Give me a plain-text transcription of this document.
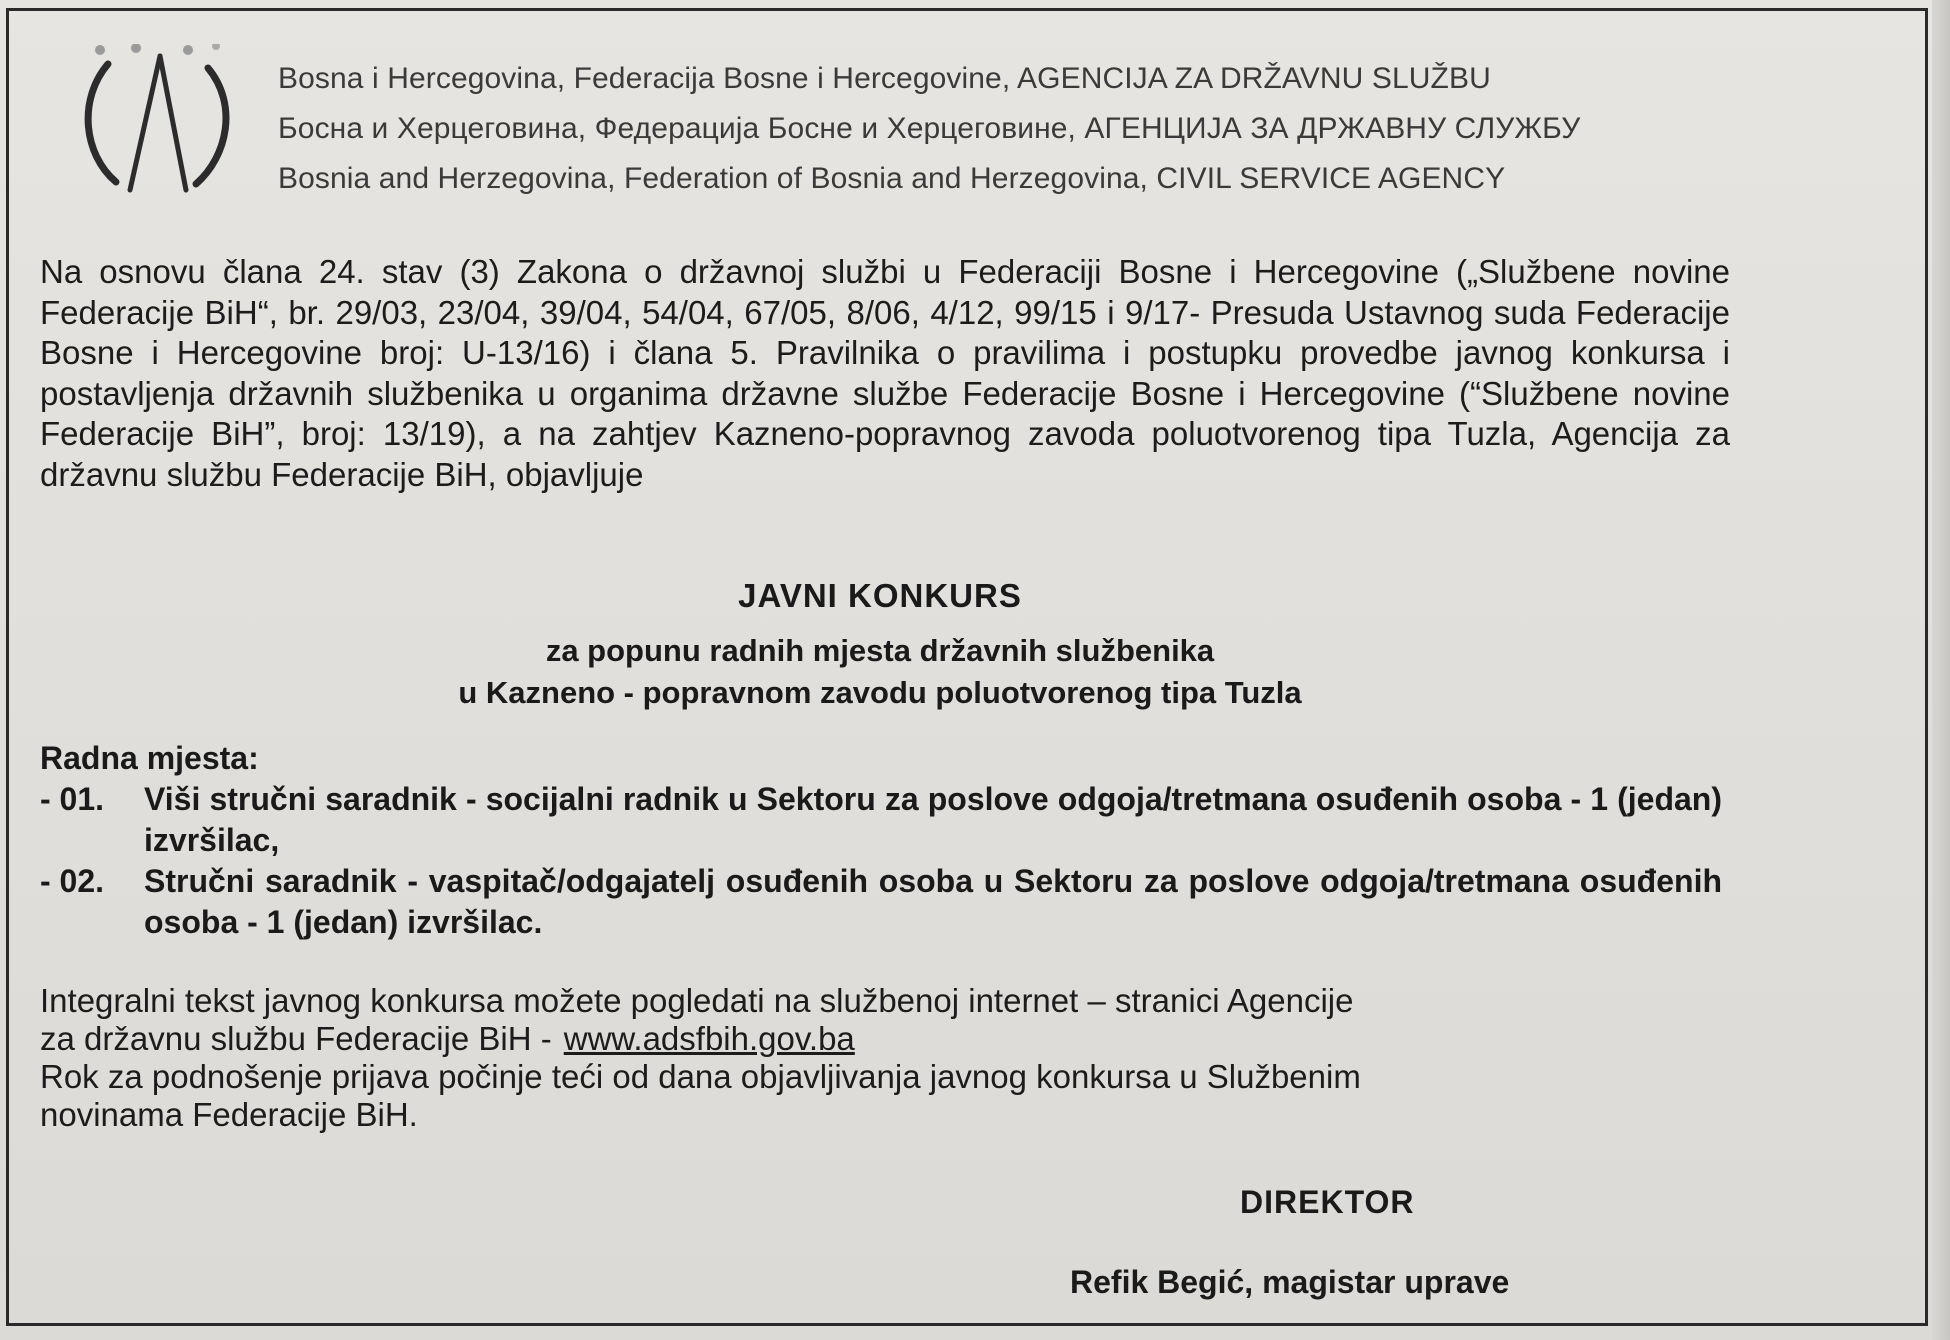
Bosna i Hercegovina, Federacija Bosne i Hercegovine, AGENCIJA ZA DRŽAVNU SLUŽBU
Босна и Херцеговина, Федерација Босне и Херцеговине, АГЕНЦИЈА ЗА ДРЖАВНУ СЛУЖБУ
Bosnia and Herzegovina, Federation of Bosnia and Herzegovina, CIVIL SERVICE AGENCY
Na osnovu člana 24. stav (3) Zakona o državnoj službi u Federaciji Bosne i Hercegovine („Službene novine Federacije BiH“, br. 29/03, 23/04, 39/04, 54/04, 67/05, 8/06, 4/12, 99/15 i 9/17- Presuda Ustavnog suda Federacije Bosne i Hercegovine broj: U-13/16) i člana 5. Pravilnika o pravilima i postupku provedbe javnog konkursa i postavljenja državnih službenika u organima državne službe Federacije Bosne i Hercegovine (“Službene novine Federacije BiH”, broj: 13/19), a na zahtjev Kazneno-popravnog zavoda poluotvorenog tipa Tuzla, Agencija za državnu službu Federacije BiH, objavljuje
JAVNI KONKURS
za popunu radnih mjesta državnih službenika
u Kazneno - popravnom zavodu poluotvorenog tipa Tuzla
Radna mjesta:
- 01.	Viši stručni saradnik - socijalni radnik u Sektoru za poslove odgoja/tretmana osuđenih osoba - 1 (jedan) izvršilac,
- 02.	Stručni saradnik - vaspitač/odgajatelj osuđenih osoba u Sektoru za poslove odgoja/tretmana osuđenih osoba - 1 (jedan) izvršilac.
Integralni tekst javnog konkursa možete pogledati na službenoj internet – stranici Agencije
za državnu službu Federacije BiH - www.adsfbih.gov.ba
Rok za podnošenje prijava počinje teći od dana objavljivanja javnog konkursa u Službenim
novinama Federacije BiH.
DIREKTOR
Refik Begić, magistar uprave
